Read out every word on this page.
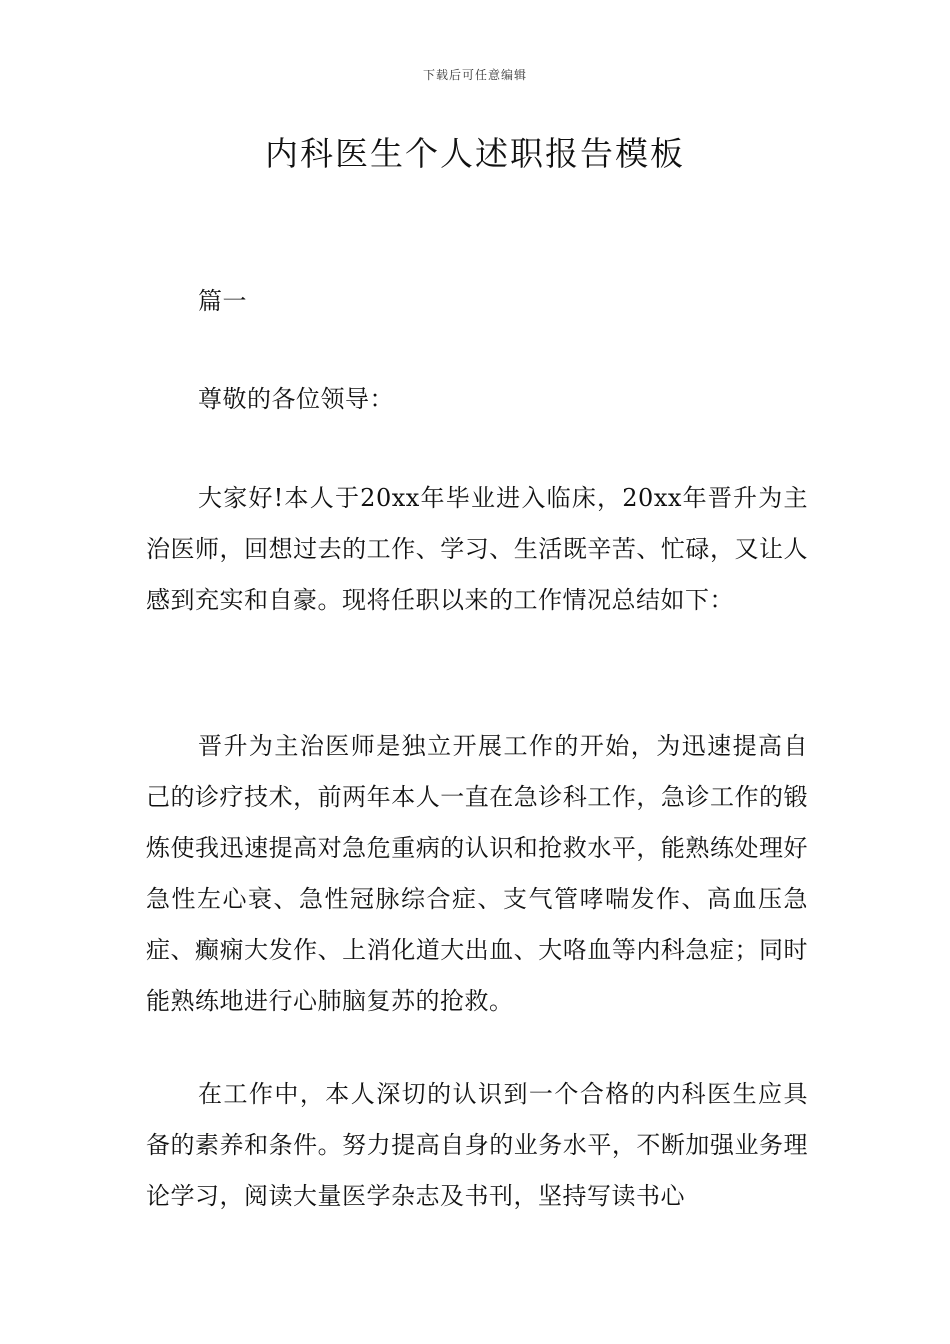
下载后可任意编辑
内科医生个人述职报告模板

篇一

尊敬的各位领导：

大家好!本人于20xx年毕业进入临床，20xx年晋升为主治医师，回想过去的工作、学习、生活既辛苦、忙碌，又让人感到充实和自豪。现将任职以来的工作情况总结如下：

晋升为主治医师是独立开展工作的开始，为迅速提高自己的诊疗技术，前两年本人一直在急诊科工作，急诊工作的锻炼使我迅速提高对急危重病的认识和抢救水平，能熟练处理好急性左心衰、急性冠脉综合症、支气管哮喘发作、高血压急症、癫痫大发作、上消化道大出血、大咯血等内科急症；同时能熟练地进行心肺脑复苏的抢救。

在工作中，本人深切的认识到一个合格的内科医生应具备的素养和条件。努力提高自身的业务水平，不断加强业务理论学习，阅读大量医学杂志及书刊，坚持写读书心
